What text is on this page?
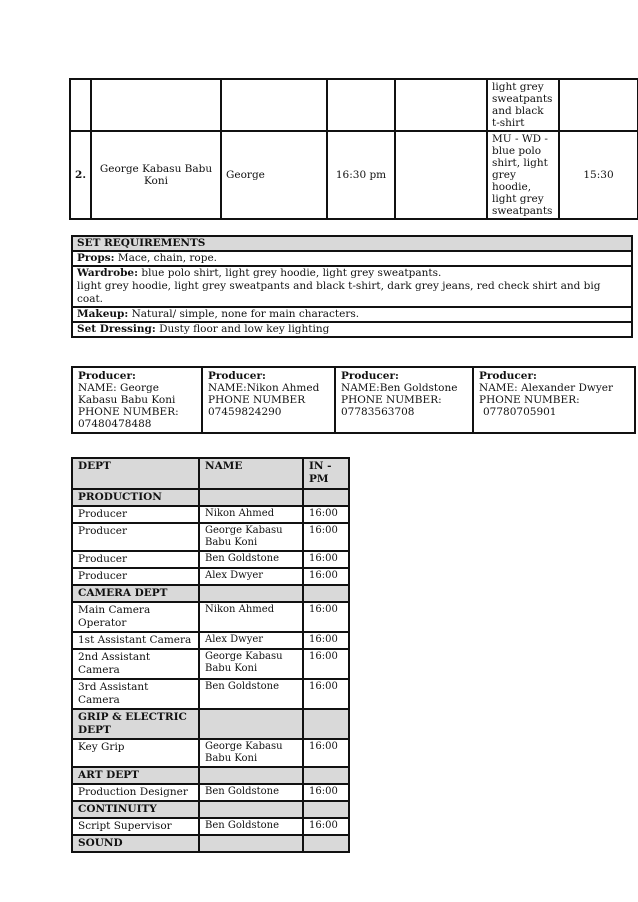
					light grey sweatpants and black t-shirt	
2.	George Kabasu Babu Koni	George	16:30 pm		MU - WD - blue polo shirt, light grey hoodie, light grey sweatpants	15:30
SET REQUIREMENTS
Props: Mace, chain, rope.
Wardrobe: blue polo shirt, light grey hoodie, light grey sweatpants.
light grey hoodie, light grey sweatpants and black t-shirt, dark grey jeans, red check shirt and big coat.
Makeup: Natural/ simple, none for main characters.
Set Dressing: Dusty floor and low key lighting
Producer:
NAME: George Kabasu Babu Koni
PHONE NUMBER:
07480478488

Producer:
NAME:Nikon Ahmed
PHONE NUMBER
07459824290

Producer:
NAME:Ben Goldstone
PHONE NUMBER:
07783563708

Producer:
NAME: Alexander Dwyer
PHONE NUMBER:
07780705901
DEPT	NAME	IN - PM
PRODUCTION		
Producer	Nikon Ahmed	16:00
Producer	George Kabasu Babu Koni	16:00
Producer	Ben Goldstone	16:00
Producer	Alex Dwyer	16:00
CAMERA DEPT		
Main Camera Operator	Nikon Ahmed	16:00
1st Assistant Camera	Alex Dwyer	16:00
2nd Assistant Camera	George Kabasu Babu Koni	16:00
3rd Assistant Camera	Ben Goldstone	16:00
GRIP & ELECTRIC DEPT		
Key Grip	George Kabasu Babu Koni	16:00
ART DEPT		
Production Designer	Ben Goldstone	16:00
CONTINUITY		
Script Supervisor	Ben Goldstone	16:00
SOUND		
